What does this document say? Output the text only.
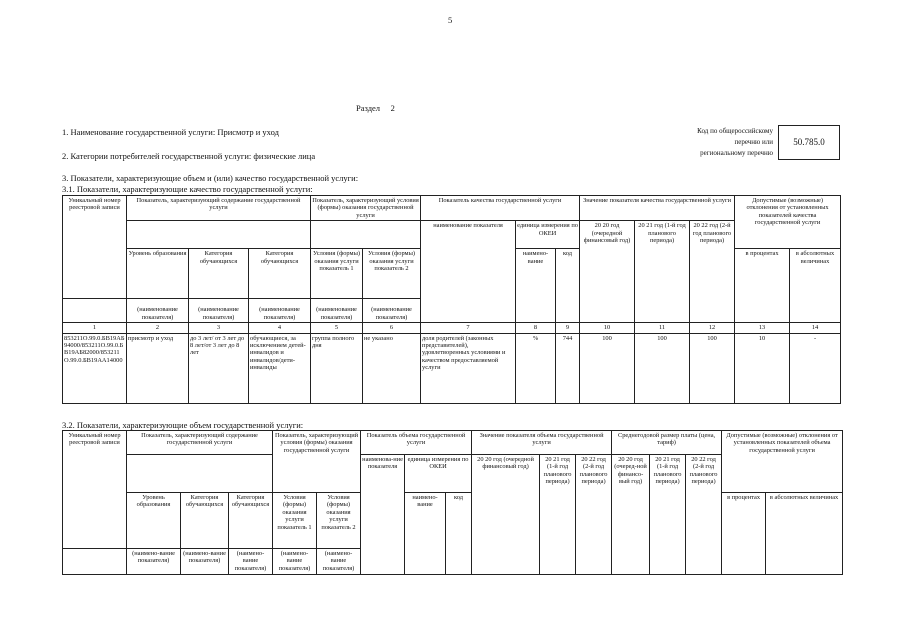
5
Раздел 2
1. Наименование государственной услуги: Присмотр и уход
2. Категории потребителей государственной услуги: физические лица
Код по общероссийскому
перечню или
региональному перечню
50.785.0
3. Показатели, характеризующие объем и (или) качество государственной услуги:
3.1. Показатели, характеризующие качество государственной услуги:
Уникальный номер реестровой записи	Показатель, характеризующий содержание государственной услуги			Показатель, характеризующий условия (формы) оказания государственной услуги		Показатель качества государственной услуги			Значение показателя качества государственной услуги			Допустимые (возможные) отклонения от установленных показателей качества государственной услуги	
						наименование показателя	единица измерения по ОКЕИ		20 20 год (очередной финансовый год)	20 21 год (1-й год планового периода)	20 22 год (2-й год планового периода)		
	Уровень образования	Категория обучающихся	Категория обучающихся	Условия (формы) оказания услуги показатель 1	Условия (формы) оказания услуги показатель 2		наимено-вание	код				в процентах	в абсолютных величинах
	(наименование показателя)	(наименование показателя)	(наименование показателя)	(наименование показателя)	(наименование показателя)								
1	2	3	4	5	6	7	8	9	10	11	12	13	14
853211О.99.0.БВ19АБ94000/853211О.99.0.БВ19АБ82000/853211О.99.0.БВ19АА14000	присмотр и уход	до 3 лет/ от 3 лет до 8 лет/от 3 лет до 8 лет	обучающиеся, за исключением детей-инвалидов и инвалидов/дети-инвалиды	группа полного дня	не указано	доля родителей (законных представителей), удовлетворенных условиями и качеством предоставляемой услуги	%	744	100	100	100	10	-
3.2. Показатели, характеризующие объем государственной услуги:
Уникальный номер реестровой записи	Показатель, характеризующий содержание государственной услуги			Показатель, характеризующий условия (формы) оказания государственной услуги		Показатель объема государственной услуги			Значение показателя объема государственной услуги			Среднегодовой размер платы (цена, тариф)			Допустимые (возможные) отклонения от установленных показателей объема государственной услуги	
						наименова-ние показателя	единица измерения по ОКЕИ		20 20 год (очередной финансовый год)	20 21 год (1-й год планового периода)	20 22 год (2-й год планового периода)	20 20 год (очеред-ной финансо-вый год)	20 21 год (1-й год планового периода)	20 22 год (2-й год планового периода)		
	Уровень образования	Категория обучающихся	Категория обучающихся	Условия (формы) оказания услуги показатель 1	Условия (формы) оказания услуги показатель 2		наимено-вание	код							в процентах	в абсолютных величинах
	(наимено-вание показателя)	(наимено-вание показателя)	(наимено-вание показателя)	(наимено-вание показателя)	(наимено-вание показателя)											
